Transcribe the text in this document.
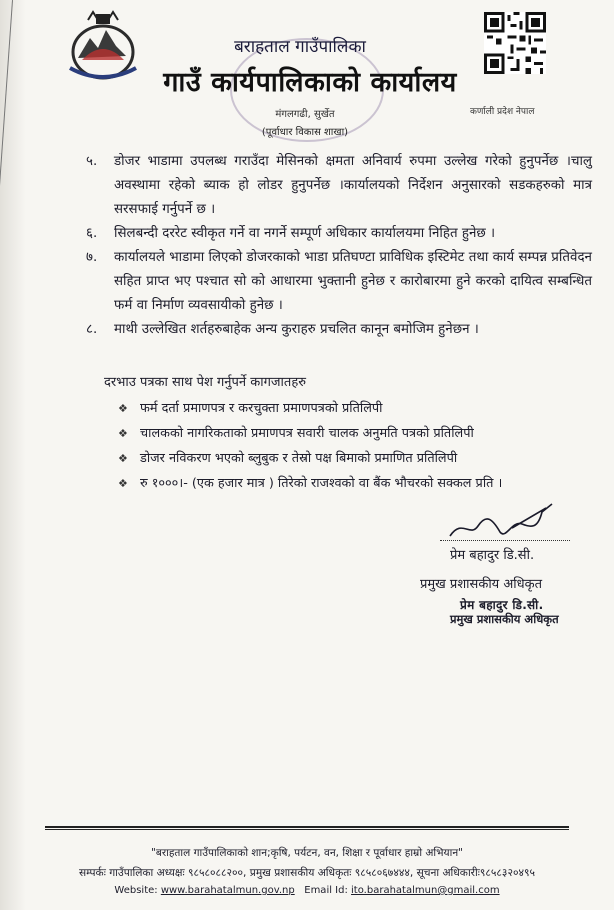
कर्णाली प्रदेश नेपाल
बराहताल गाउँपालिका
गाउँ कार्यपालिकाको कार्यालय
मंगलगढी, सुर्खेत
(पूर्वाधार विकास शाखा)
५.	डोजर भाडामा उपलब्ध गराउँदा मेसिनको क्षमता अनिवार्य रुपमा उल्लेख गरेको हुनुपर्नेछ ।चालु अवस्थामा रहेको ब्याक हो लोडर हुनुपर्नेछ ।कार्यालयको निर्देशन अनुसारको सडकहरुको मात्र सरसफाई गर्नुपर्ने छ ।
६.	सिलबन्दी दररेट स्वीकृत गर्ने वा नगर्ने सम्पूर्ण अधिकार कार्यालयमा निहित हुनेछ ।
७.	कार्यालयले भाडामा लिएको डोजरकाको भाडा प्रतिघण्टा प्राविधिक इस्टिमेट तथा कार्य सम्पन्न प्रतिवेदन सहित प्राप्त भए पश्चात सो को आधारमा भुक्तानी हुनेछ र कारोबारमा हुने करको दायित्व सम्बन्धित फर्म वा निर्माण व्यवसायीको हुनेछ ।
८.	माथी उल्लेखित शर्तहरुबाहेक अन्य कुराहरु प्रचलित कानून बमोजिम हुनेछन ।
दरभाउ पत्रका साथ पेश गर्नुपर्ने कागजातहरु
❖ फर्म दर्ता प्रमाणपत्र र करचुक्ता प्रमाणपत्रको प्रतिलिपी
❖ चालकको नागरिकताको प्रमाणपत्र सवारी चालक अनुमति पत्रको प्रतिलिपी
❖ डोजर नविकरण भएको ब्लुबुक र तेस्रो पक्ष बिमाको प्रमाणित प्रतिलिपी
❖ रु १०००।- (एक हजार मात्र ) तिरेको राजश्वको वा बैंक भौचरको सक्कल प्रति ।
प्रेम बहादुर डि.सी.
प्रमुख प्रशासकीय अधिकृत
प्रेम बहादुर डि.सी.
प्रमुख प्रशासकीय अधिकृत
"बराहताल गाउँपालिकाको शान;कृषि, पर्यटन, वन, शिक्षा र पूर्वाधार हाम्रो अभियान"
सम्पर्कः गाउँपालिका अध्यक्षः ९८५८०८८२००, प्रमुख प्रशासकीय अधिकृतः ९८५८०६७४४४, सूचना अधिकारीः९८५८३२०४९५
Website: www.barahatalmun.gov.np Email Id: ito.barahatalmun@gmail.com
